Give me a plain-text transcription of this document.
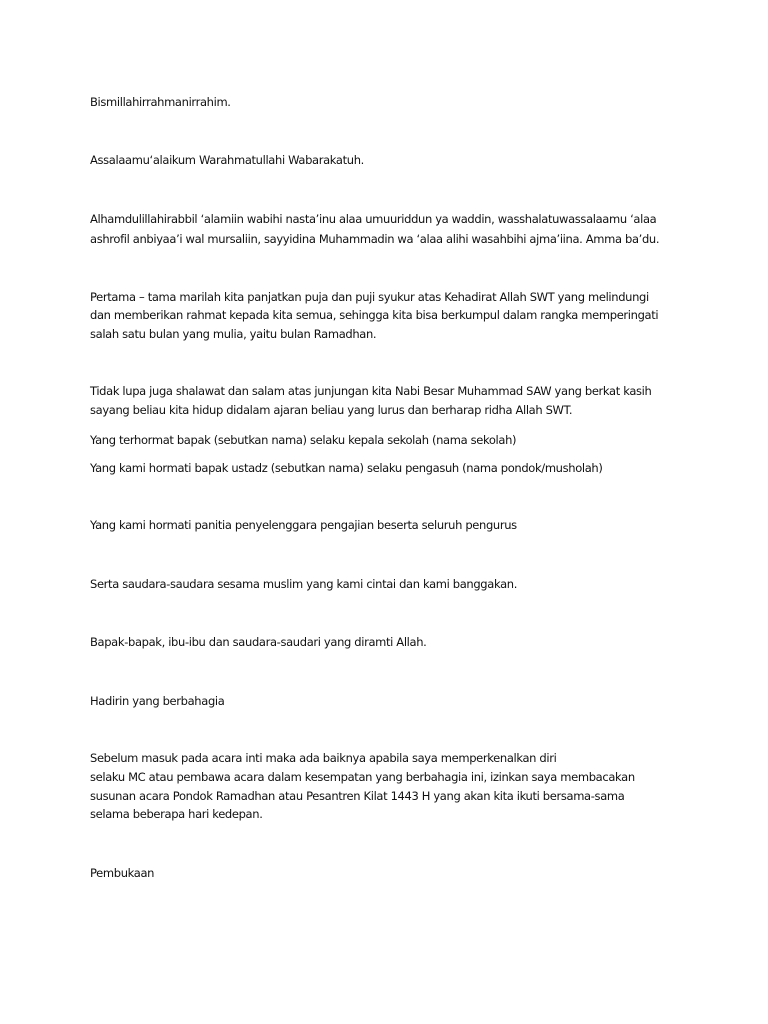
Bismillahirrahmanirrahim.

Assalaamu‘alaikum Warahmatullahi Wabarakatuh.

Alhamdulillahirabbil ‘alamiin wabihi nasta’inu alaa umuuriddun ya waddin, wasshalatuwassalaamu ‘alaa

ashrofil anbiyaa’i wal mursaliin, sayyidina Muhammadin wa ‘alaa alihi wasahbihi ajma’iina. Amma ba’du.

Pertama – tama marilah kita panjatkan puja dan puji syukur atas Kehadirat Allah SWT yang melindungi

dan memberikan rahmat kepada kita semua, sehingga kita bisa berkumpul dalam rangka memperingati

salah satu bulan yang mulia, yaitu bulan Ramadhan.

Tidak lupa juga shalawat dan salam atas junjungan kita Nabi Besar Muhammad SAW yang berkat kasih

sayang beliau kita hidup didalam ajaran beliau yang lurus dan berharap ridha Allah SWT.

Yang terhormat bapak (sebutkan nama) selaku kepala sekolah (nama sekolah)

Yang kami hormati bapak ustadz (sebutkan nama) selaku pengasuh (nama pondok/musholah)

Yang kami hormati panitia penyelenggara pengajian beserta seluruh pengurus

Serta saudara-saudara sesama muslim yang kami cintai dan kami banggakan.

Bapak-bapak, ibu-ibu dan saudara-saudari yang diramti Allah.

Hadirin yang berbahagia

Sebelum masuk pada acara inti maka ada baiknya apabila saya memperkenalkan diri

selaku MC atau pembawa acara dalam kesempatan yang berbahagia ini, izinkan saya membacakan

susunan acara Pondok Ramadhan atau Pesantren Kilat 1443 H yang akan kita ikuti bersama-sama

selama beberapa hari kedepan.

Pembukaan
